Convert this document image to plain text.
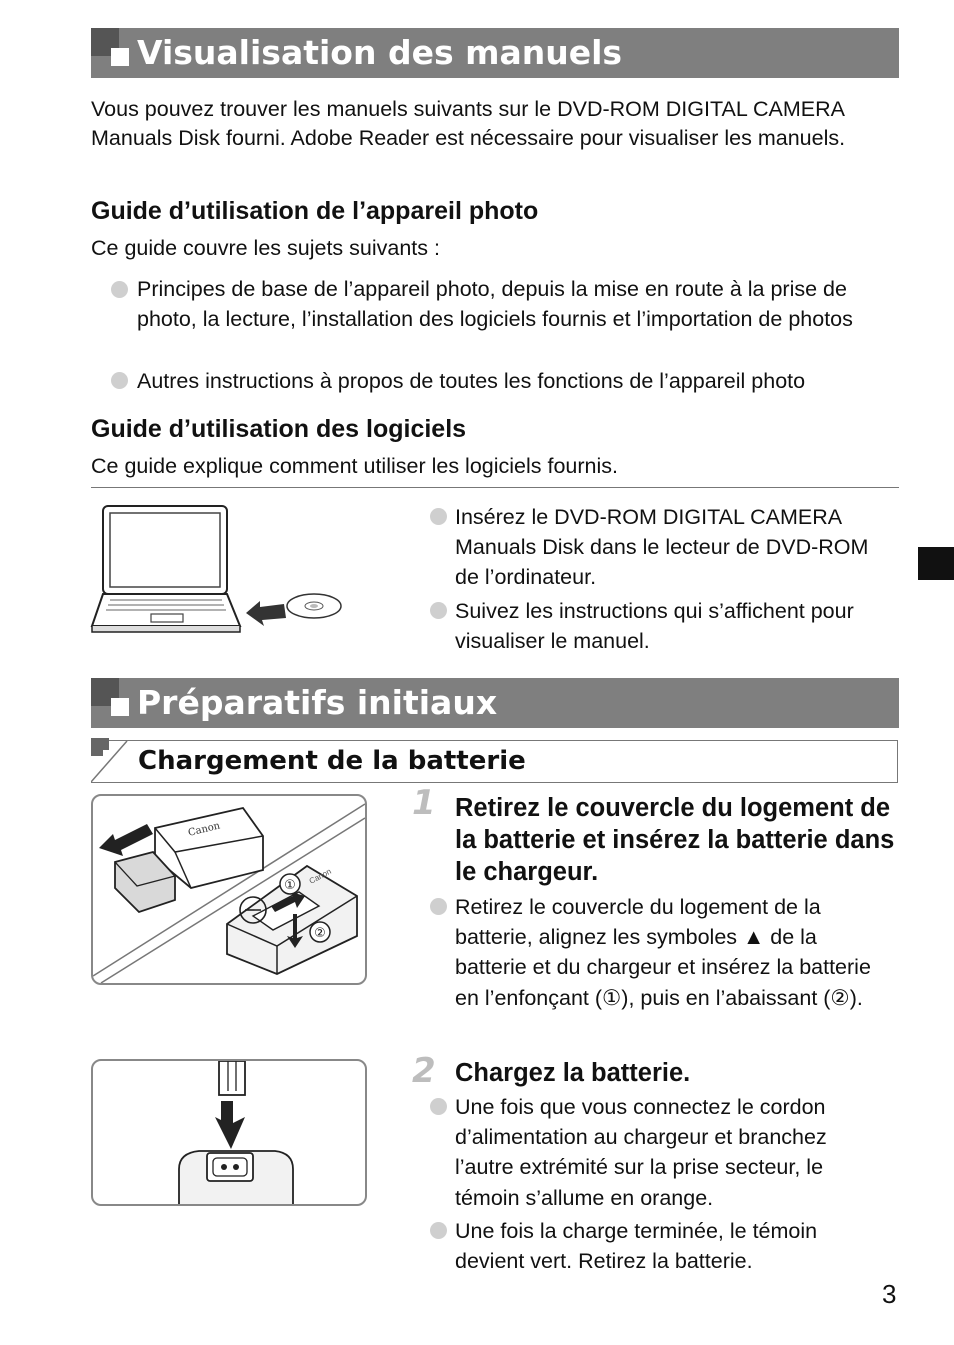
Visualisation des manuels
Vous pouvez trouver les manuels suivants sur le DVD-ROM DIGITAL CAMERA Manuals Disk fourni. Adobe Reader est nécessaire pour visualiser les manuels.
Guide d’utilisation de l’appareil photo
Ce guide couvre les sujets suivants :
Principes de base de l’appareil photo, depuis la mise en route à la prise de photo, la lecture, l’installation des logiciels fournis et l’importation de photos
Autres instructions à propos de toutes les fonctions de l’appareil photo
Guide d’utilisation des logiciels
Ce guide explique comment utiliser les logiciels fournis.
Insérez le DVD-ROM DIGITAL CAMERA Manuals Disk dans le lecteur de DVD-ROM de l’ordinateur.
Suivez les instructions qui s’affichent pour visualiser le manuel.
Préparatifs initiaux
Chargement de la batterie
Canon
Canon
①
②
1 Retirez le couvercle du logement de la batterie et insérez la batterie dans le chargeur.
Retirez le couvercle du logement de la batterie, alignez les symboles ▲ de la batterie et du chargeur et insérez la batterie en l’enfonçant (①), puis en l’abaissant (②).
2 Chargez la batterie.
Une fois que vous connectez le cordon d’alimentation au chargeur et branchez l’autre extrémité sur la prise secteur, le témoin s’allume en orange.
Une fois la charge terminée, le témoin devient vert. Retirez la batterie.
3
